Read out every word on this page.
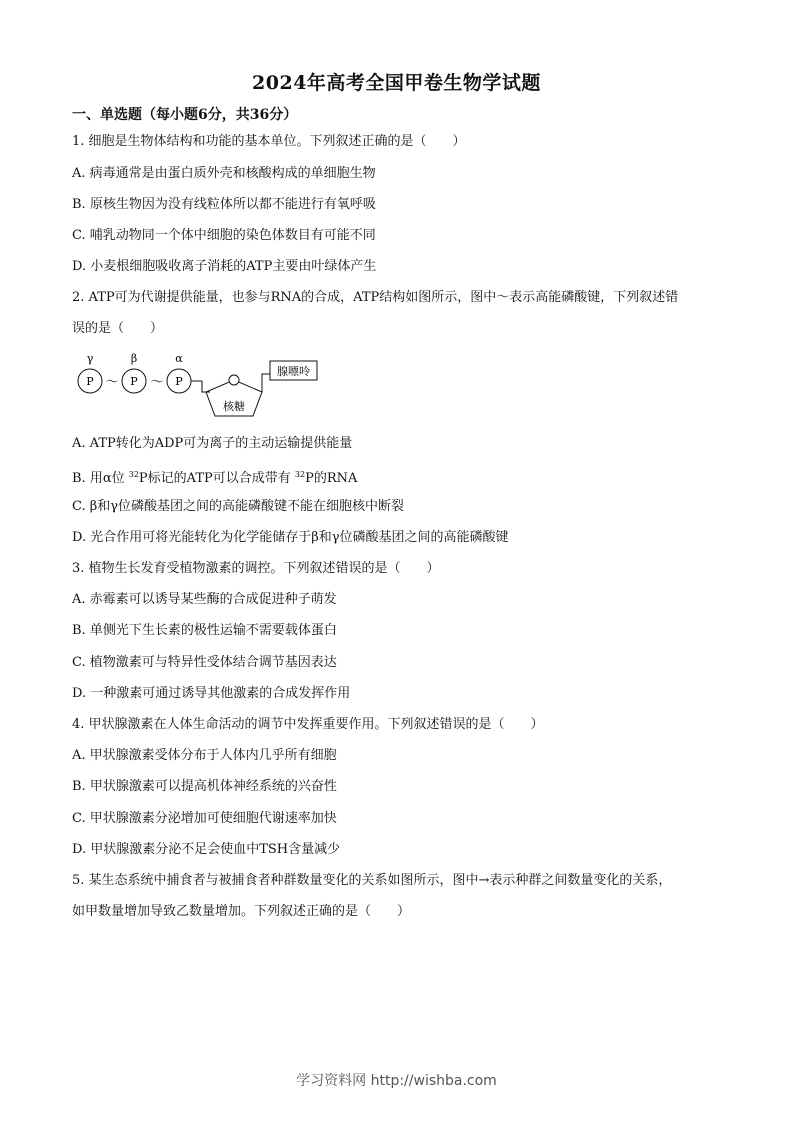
2024年高考全国甲卷生物学试题
一、单选题（每小题6分，共36分）
1. 细胞是生物体结构和功能的基本单位。下列叙述正确的是（　　）
A. 病毒通常是由蛋白质外壳和核酸构成的单细胞生物
B. 原核生物因为没有线粒体所以都不能进行有氧呼吸
C. 哺乳动物同一个体中细胞的染色体数目有可能不同
D. 小麦根细胞吸收离子消耗的ATP主要由叶绿体产生
2. ATP可为代谢提供能量，也参与RNA的合成，ATP结构如图所示，图中～表示高能磷酸键，下列叙述错
误的是（　　）
γ	β	α
P ～ P ～ P
核糖
腺嘌呤
A. ATP转化为ADP可为离子的主动运输提供能量
B. 用α位 $^{32}$P标记的ATP可以合成带有 $^{32}$P的RNA
C. β和γ位磷酸基团之间的高能磷酸键不能在细胞核中断裂
D. 光合作用可将光能转化为化学能储存于β和γ位磷酸基团之间的高能磷酸键
3. 植物生长发育受植物激素的调控。下列叙述错误的是（　　）
A. 赤霉素可以诱导某些酶的合成促进种子萌发
B. 单侧光下生长素的极性运输不需要载体蛋白
C. 植物激素可与特异性受体结合调节基因表达
D. 一种激素可通过诱导其他激素的合成发挥作用
4. 甲状腺激素在人体生命活动的调节中发挥重要作用。下列叙述错误的是（　　）
A. 甲状腺激素受体分布于人体内几乎所有细胞
B. 甲状腺激素可以提高机体神经系统的兴奋性
C. 甲状腺激素分泌增加可使细胞代谢速率加快
D. 甲状腺激素分泌不足会使血中TSH含量减少
5. 某生态系统中捕食者与被捕食者种群数量变化的关系如图所示，图中→表示种群之间数量变化的关系，
如甲数量增加导致乙数量增加。下列叙述正确的是（　　）
学习资料网 http://wishba.com
